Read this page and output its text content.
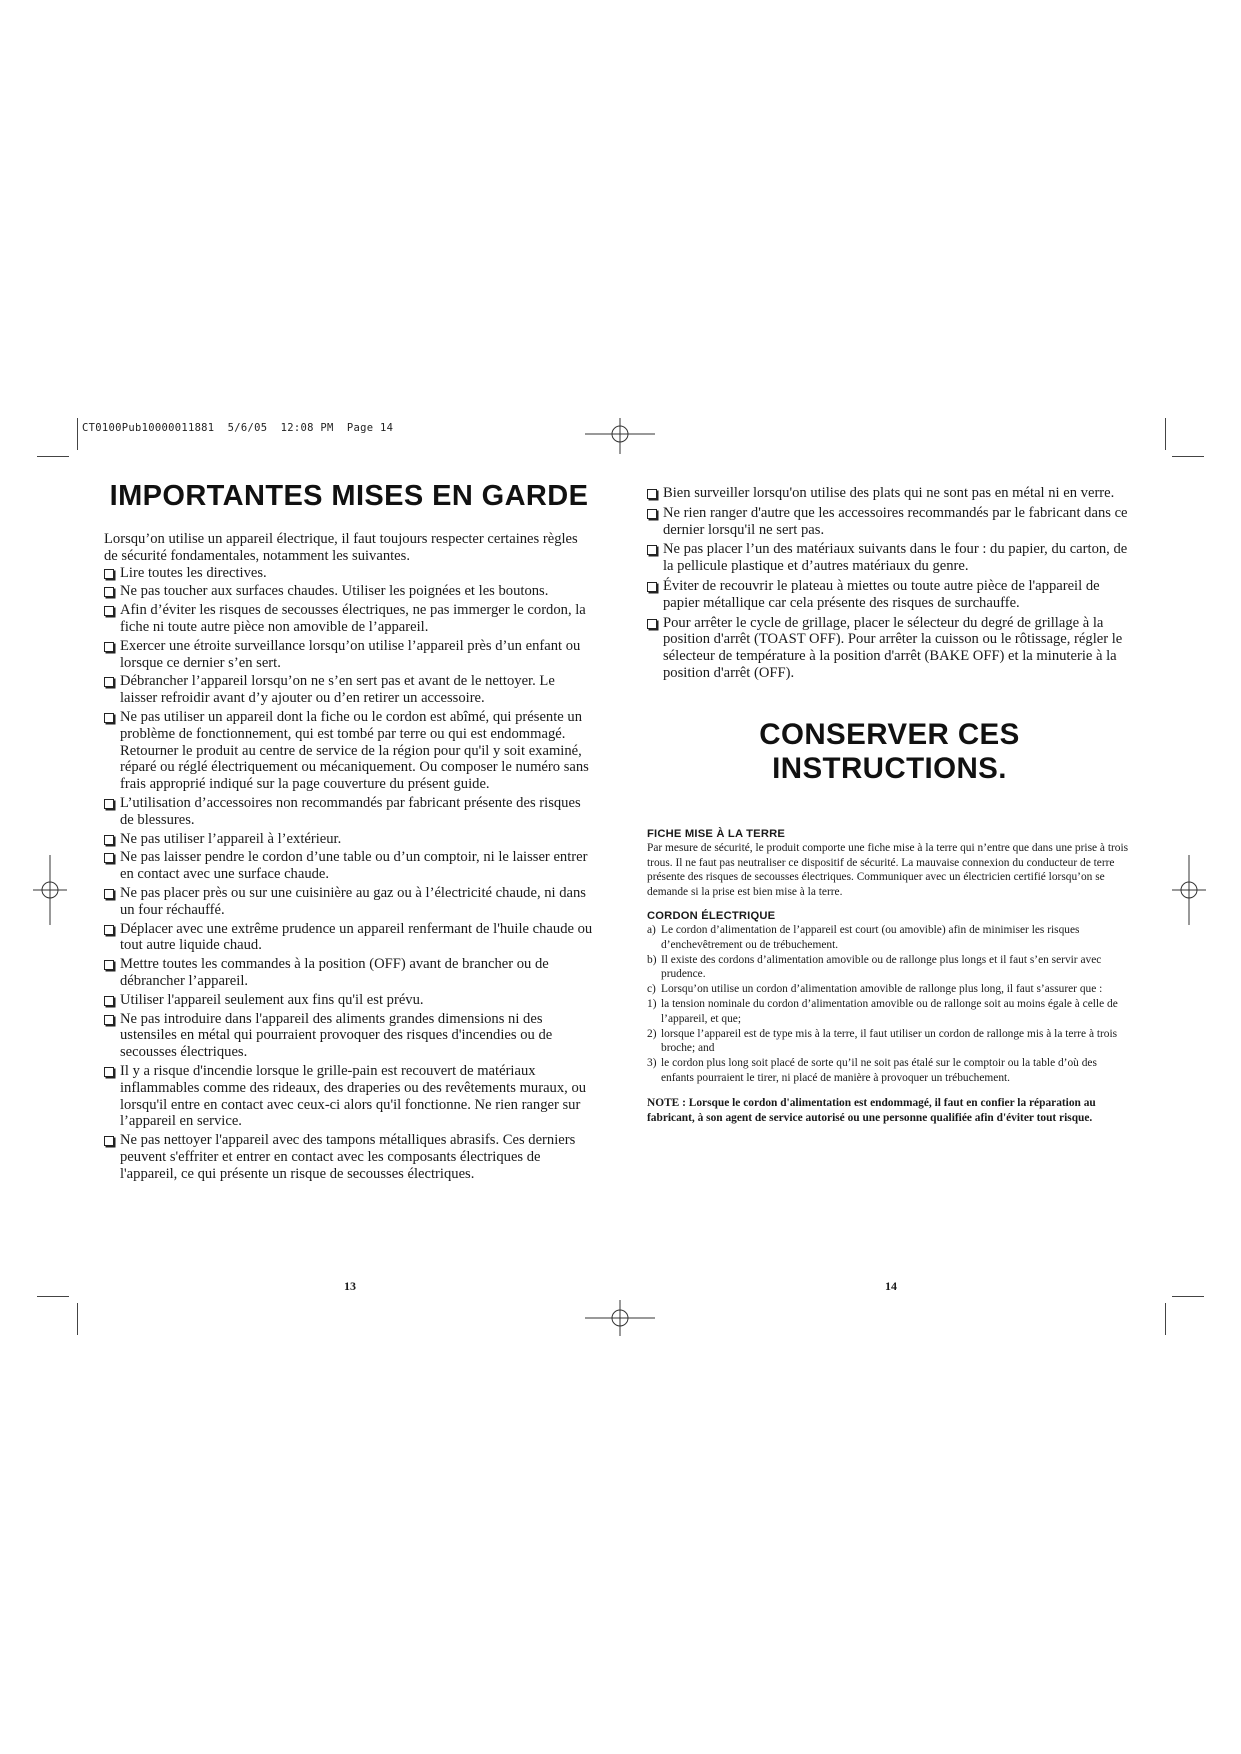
CT0100Pub10000011881  5/6/05  12:08 PM  Page 14
IMPORTANTES MISES EN GARDE

Lorsqu’on utilise un appareil électrique, il faut toujours respecter certaines règles de sécurité fondamentales, notamment les suivantes.

Lire toutes les directives.
Ne pas toucher aux surfaces chaudes. Utiliser les poignées et les boutons.
Afin d’éviter les risques de secousses électriques, ne pas immerger le cordon, la fiche ni toute autre pièce non amovible de l’appareil.
Exercer une étroite surveillance lorsqu’on utilise l’appareil près d’un enfant ou lorsque ce dernier s’en sert.
Débrancher l’appareil lorsqu’on ne s’en sert pas et avant de le nettoyer. Le laisser refroidir avant d’y ajouter ou d’en retirer un accessoire.
Ne pas utiliser un appareil dont la fiche ou le cordon est abîmé, qui présente un problème de fonctionnement, qui est tombé par terre ou qui est endommagé. Retourner le produit au centre de service de la région pour qu'il y soit examiné, réparé ou réglé électriquement ou mécaniquement. Ou composer le numéro sans frais approprié indiqué sur la page couverture du présent guide.
L’utilisation d’accessoires non recommandés par fabricant présente des risques de blessures.
Ne pas utiliser l’appareil à l’extérieur.
Ne pas laisser pendre le cordon d’une table ou d’un comptoir, ni le laisser entrer en contact avec une surface chaude.
Ne pas placer près ou sur une cuisinière au gaz ou à l’électricité chaude, ni dans un four réchauffé.
Déplacer avec une extrême prudence un appareil renfermant de l'huile chaude ou tout autre liquide chaud.
Mettre toutes les commandes à la position (OFF) avant de brancher ou de débrancher l’appareil.
Utiliser l'appareil seulement aux fins qu'il est prévu.
Ne pas introduire dans l'appareil des aliments grandes dimensions ni des ustensiles en métal qui pourraient provoquer des risques d'incendies ou de secousses électriques.
Il y a risque d'incendie lorsque le grille-pain est recouvert de matériaux inflammables comme des rideaux, des draperies ou des revêtements muraux, ou lorsqu'il entre en contact avec ceux-ci alors qu'il fonctionne. Ne rien ranger sur l’appareil en service.
Ne pas nettoyer l'appareil avec des tampons métalliques abrasifs. Ces derniers peuvent s'effriter et entrer en contact avec les composants électriques de l'appareil, ce qui présente un risque de secousses électriques.
13
Bien surveiller lorsqu'on utilise des plats qui ne sont pas en métal ni en verre.
Ne rien ranger d'autre que les accessoires recommandés par le fabricant dans ce dernier lorsqu'il ne sert pas.
Ne pas placer l’un des matériaux suivants dans le four : du papier, du carton, de la pellicule plastique et d’autres matériaux du genre.
Éviter de recouvrir le plateau à miettes ou toute autre pièce de l'appareil de papier métallique car cela présente des risques de surchauffe.
Pour arrêter le cycle de grillage, placer le sélecteur du degré de grillage à la position d'arrêt (TOAST OFF). Pour arrêter la cuisson ou le rôtissage, régler le sélecteur de température à la position d'arrêt (BAKE OFF) et la minuterie à la position d'arrêt (OFF).
CONSERVER CES INSTRUCTIONS.
FICHE MISE À LA TERRE

Par mesure de sécurité, le produit comporte une fiche mise à la terre qui n’entre que dans une prise à trois trous. Il ne faut pas neutraliser ce dispositif de sécurité. La mauvaise connexion du conducteur de terre présente des risques de secousses électriques. Communiquer avec un électricien certifié lorsqu’on se demande si la prise est bien mise à la terre.

CORDON ÉLECTRIQUE
a) Le cordon d’alimentation de l’appareil est court (ou amovible) afin de minimiser les risques d’enchevêtrement ou de trébuchement.
b) Il existe des cordons d’alimentation amovible ou de rallonge plus longs et il faut s’en servir avec prudence.
c) Lorsqu’on utilise un cordon d’alimentation amovible de rallonge plus long, il faut s’assurer que :
1) la tension nominale du cordon d’alimentation amovible ou de rallonge soit au moins égale à celle de l’appareil, et que;
2) lorsque l’appareil est de type mis à la terre, il faut utiliser un cordon de rallonge mis à la terre à trois broche; and
3) le cordon plus long soit placé de sorte qu’il ne soit pas étalé sur le comptoir ou la table d’où des enfants pourraient le tirer, ni placé de manière à provoquer un trébuchement.

NOTE : Lorsque le cordon d'alimentation est endommagé, il faut en confier la réparation au fabricant, à son agent de service autorisé ou une personne qualifiée afin d'éviter tout risque.

14
